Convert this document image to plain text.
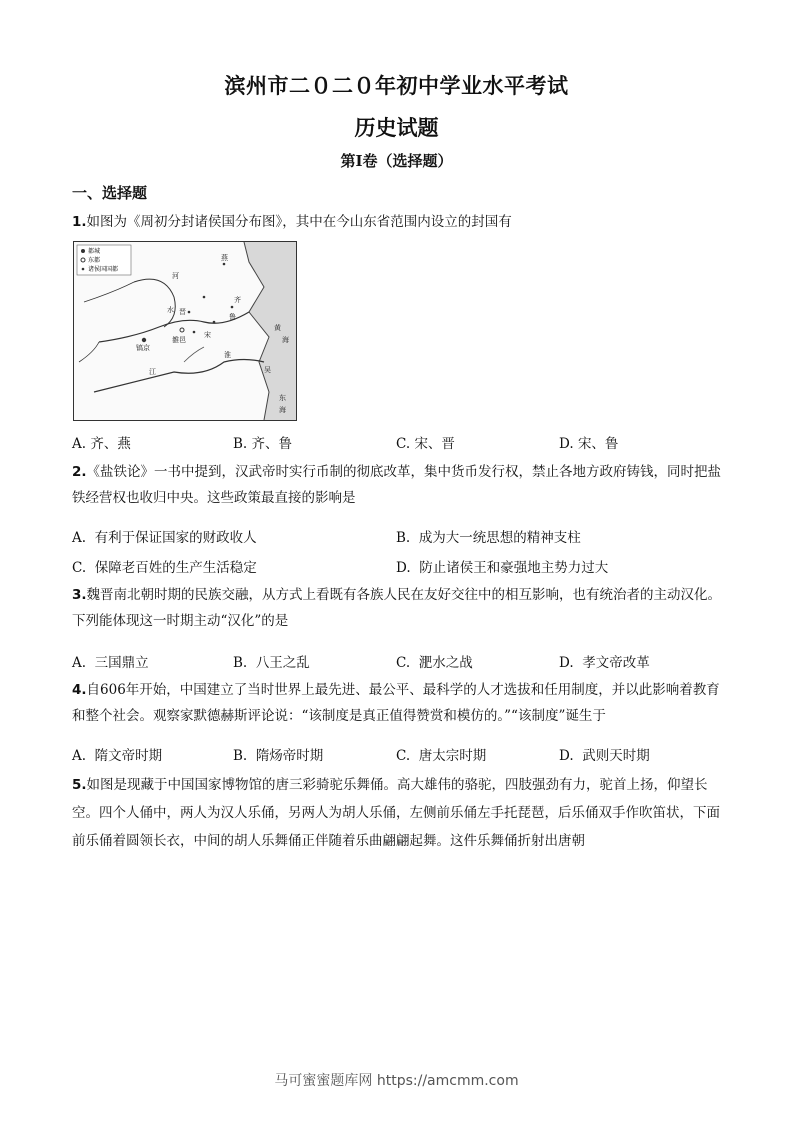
滨州市二０二０年初中学业水平考试
历史试题
第Ⅰ卷（选择题）
一、选择题
1.如图为《周初分封诸侯国分布图》，其中在今山东省范围内设立的封国有
都城
东都
诸侯国国都
燕
河
水 晋
齐
鲁
宋
雒邑
镐京
黄
海
淮
江	吴
东
海
A. 齐、燕	B. 齐、鲁	C. 宋、晋	D. 宋、鲁
2.《盐铁论》一书中提到，汉武帝时实行币制的彻底改革，集中货币发行权，禁止各地方政府铸钱，同时把盐铁经营权也收归中央。这些政策最直接的影响是
A. 有利于保证国家的财政收人	B. 成为大一统思想的精神支柱
C. 保障老百姓的生产生活稳定	D. 防止诸侯王和豪强地主势力过大
3.魏晋南北朝时期的民族交融，从方式上看既有各族人民在友好交往中的相互影响，也有统治者的主动汉化。下列能体现这一时期主动“汉化”的是
A. 三国鼎立	B. 八王之乱	C. 淝水之战	D. 孝文帝改革
4.自606年开始，中国建立了当时世界上最先进、最公平、最科学的人才选拔和任用制度，并以此影响着教育和整个社会。观察家默德赫斯评论说：“该制度是真正值得赞赏和模仿的。”“该制度”诞生于
A. 隋文帝时期	B. 隋炀帝时期	C. 唐太宗时期	D. 武则天时期
5.如图是现藏于中国国家博物馆的唐三彩骑驼乐舞俑。高大雄伟的骆驼，四肢强劲有力，驼首上扬，仰望长空。四个人俑中，两人为汉人乐俑，另两人为胡人乐俑，左侧前乐俑左手托琵琶，后乐俑双手作吹笛状，下面前乐俑着圆领长衣，中间的胡人乐舞俑正伴随着乐曲翩翩起舞。这件乐舞俑折射出唐朝
马可蜜蜜题库网 https://amcmm.com
